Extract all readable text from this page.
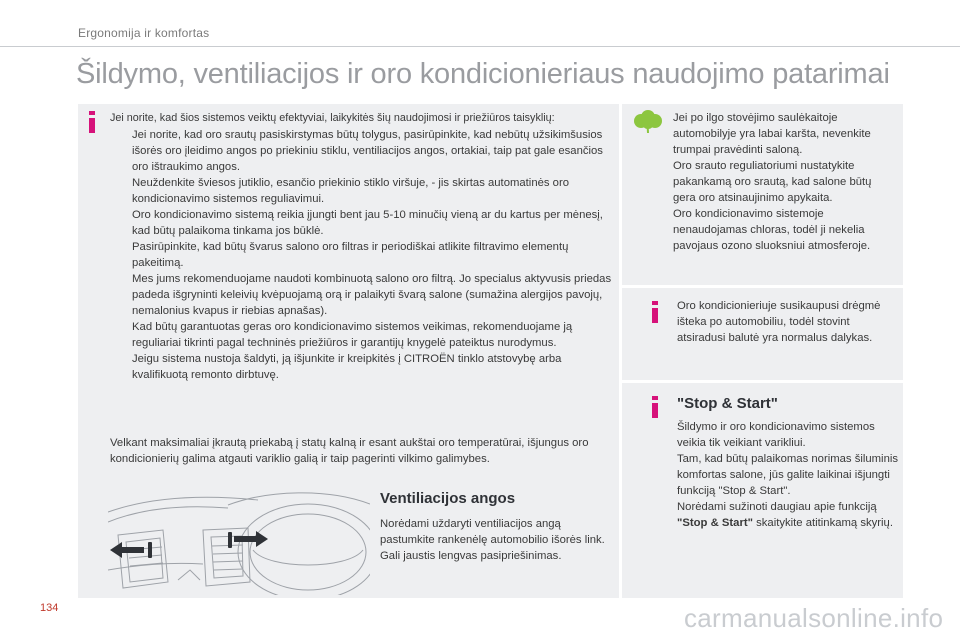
Ergonomija ir komfortas
Šildymo, ventiliacijos ir oro kondicionieriaus naudojimo patarimai
Jei norite, kad šios sistemos veiktų efektyviai, laikykitės šių naudojimosi ir priežiūros taisyklių:
Jei norite, kad oro srautų pasiskirstymas būtų tolygus, pasirūpinkite, kad nebūtų užsikimšusios išorės oro įleidimo angos po priekiniu stiklu, ventiliacijos angos, ortakiai, taip pat gale esančios oro ištraukimo angos.
Neuždenkite šviesos jutiklio, esančio priekinio stiklo viršuje, - jis skirtas automatinės oro kondicionavimo sistemos reguliavimui.
Oro kondicionavimo sistemą reikia įjungti bent jau 5-10 minučių vieną ar du kartus per mėnesį, kad būtų palaikoma tinkama jos būklė.
Pasirūpinkite, kad būtų švarus salono oro filtras ir periodiškai atlikite filtravimo elementų pakeitimą.
Mes jums rekomenduojame naudoti kombinuotą salono oro filtrą. Jo specialus aktyvusis priedas padeda išgryninti keleivių kvėpuojamą orą ir palaikyti švarą salone (sumažina alergijos pavojų, nemalonius kvapus ir riebias apnašas).
Kad būtų garantuotas geras oro kondicionavimo sistemos veikimas, rekomenduojame ją reguliariai tikrinti pagal techninės priežiūros ir garantijų knygelė pateiktus nurodymus.
Jeigu sistema nustoja šaldyti, ją išjunkite ir kreipkitės į CITROËN tinklo atstovybę arba kvalifikuotą remonto dirbtuvę.
Velkant maksimaliai įkrautą priekabą į statų kalną ir esant aukštai oro temperatūrai, išjungus oro kondicionierių galima atgauti variklio galią ir taip pagerinti vilkimo galimybes.
Ventiliacijos angos
Norėdami uždaryti ventiliacijos angą pastumkite rankenėlę automobilio išorės link. Gali jaustis lengvas pasipriešinimas.
Jei po ilgo stovėjimo saulėkaitoje automobilyje yra labai karšta, nevenkite trumpai pravėdinti saloną.
Oro srauto reguliatoriumi nustatykite pakankamą oro srautą, kad salone būtų gera oro atsinaujinimo apykaita.
Oro kondicionavimo sistemoje nenaudojamas chloras, todėl ji nekelia pavojaus ozono sluoksniui atmosferoje.
Oro kondicionieriuje susikaupusi drėgmė išteka po automobiliu, todėl stovint atsiradusi balutė yra normalus dalykas.
"Stop & Start"
Šildymo ir oro kondicionavimo sistemos veikia tik veikiant varikliui.
Tam, kad būtų palaikomas norimas šiluminis komfortas salone, jūs galite laikinai išjungti funkciją "Stop & Start".
Norėdami sužinoti daugiau apie funkciją "Stop & Start" skaitykite atitinkamą skyrių.
134	carmanualsonline.info
